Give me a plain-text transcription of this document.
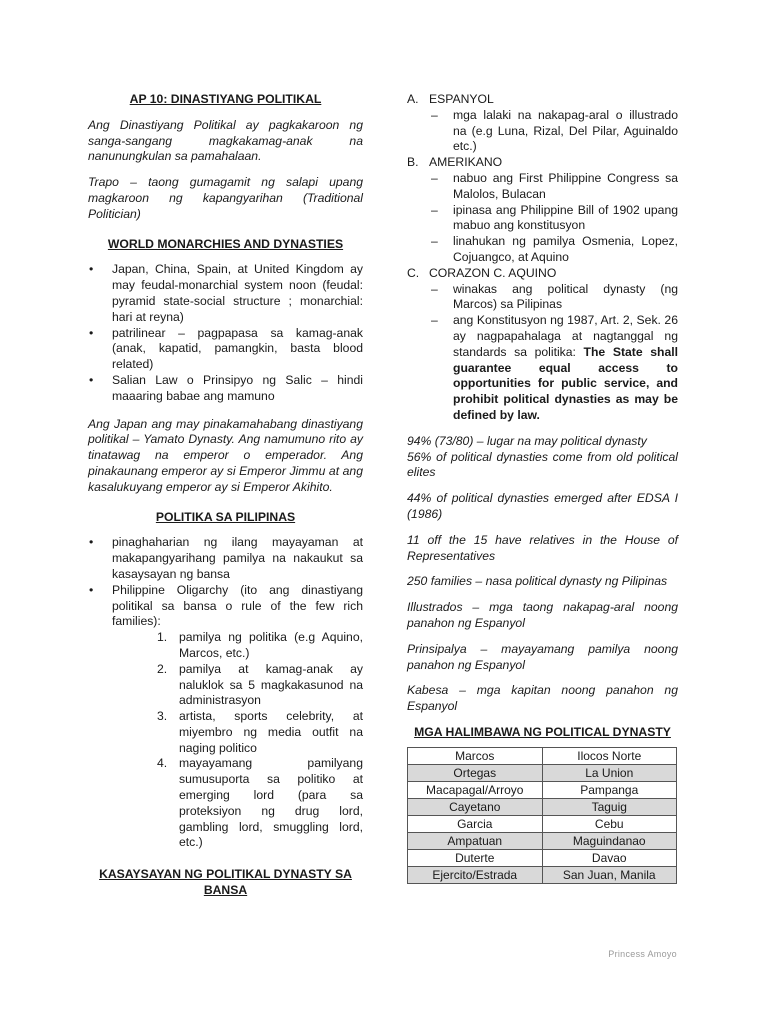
AP 10: DINASTIYANG POLITIKAL
Ang Dinastiyang Politikal ay pagkakaroon ng sanga-sangang magkakamag-anak na nanunungkulan sa pamahalaan.
Trapo – taong gumagamit ng salapi upang magkaroon ng kapangyarihan (Traditional Politician)
WORLD MONARCHIES AND DYNASTIES
• Japan, China, Spain, at United Kingdom ay may feudal-monarchial system noon (feudal: pyramid state-social structure ; monarchial: hari at reyna)
• patrilinear – pagpapasa sa kamag-anak (anak, kapatid, pamangkin, basta blood related)
• Salian Law o Prinsipyo ng Salic – hindi maaaring babae ang mamuno
Ang Japan ang may pinakamahabang dinastiyang politikal – Yamato Dynasty. Ang namumuno rito ay tinatawag na emperor o emperador. Ang pinakaunang emperor ay si Emperor Jimmu at ang kasalukuyang emperor ay si Emperor Akihito.
POLITIKA SA PILIPINAS
• pinaghaharian ng ilang mayayaman at makapangyarihang pamilya na nakaukut sa kasaysayan ng bansa
• Philippine Oligarchy (ito ang dinastiyang politikal sa bansa o rule of the few rich families):
1. pamilya ng politika (e.g Aquino, Marcos, etc.)
2. pamilya at kamag-anak ay naluklok sa 5 magkakasunod na administrasyon
3. artista, sports celebrity, at miyembro ng media outfit na naging politico
4. mayayamang pamilyang sumusuporta sa politiko at emerging lord (para sa proteksiyon ng drug lord, gambling lord, smuggling lord, etc.)
KASAYSAYAN NG POLITIKAL DYNASTY SA BANSA
A. ESPANYOL
– mga lalaki na nakapag-aral o illustrado na (e.g Luna, Rizal, Del Pilar, Aguinaldo etc.)
B. AMERIKANO
– nabuo ang First Philippine Congress sa Malolos, Bulacan
– ipinasa ang Philippine Bill of 1902 upang mabuo ang konstitusyon
– linahukan ng pamilya Osmenia, Lopez, Cojuangco, at Aquino
C. CORAZON C. AQUINO
– winakas ang political dynasty (ng Marcos) sa Pilipinas
– ang Konstitusyon ng 1987, Art. 2, Sek. 26 ay nagpapahalaga at nagtanggal ng standards sa politika: The State shall guarantee equal access to opportunities for public service, and prohibit political dynasties as may be defined by law.
94% (73/80) – lugar na may political dynasty
56% of political dynasties come from old political elites
44% of political dynasties emerged after EDSA I (1986)
11 off the 15 have relatives in the House of Representatives
250 families – nasa political dynasty ng Pilipinas
Illustrados – mga taong nakapag-aral noong panahon ng Espanyol
Prinsipalya – mayayamang pamilya noong panahon ng Espanyol
Kabesa – mga kapitan noong panahon ng Espanyol
MGA HALIMBAWA NG POLITICAL DYNASTY
Marcos	Ilocos Norte
Ortegas	La Union
Macapagal/Arroyo	Pampanga
Cayetano	Taguig
Garcia	Cebu
Ampatuan	Maguindanao
Duterte	Davao
Ejercito/Estrada	San Juan, Manila
Princess Amoyo
